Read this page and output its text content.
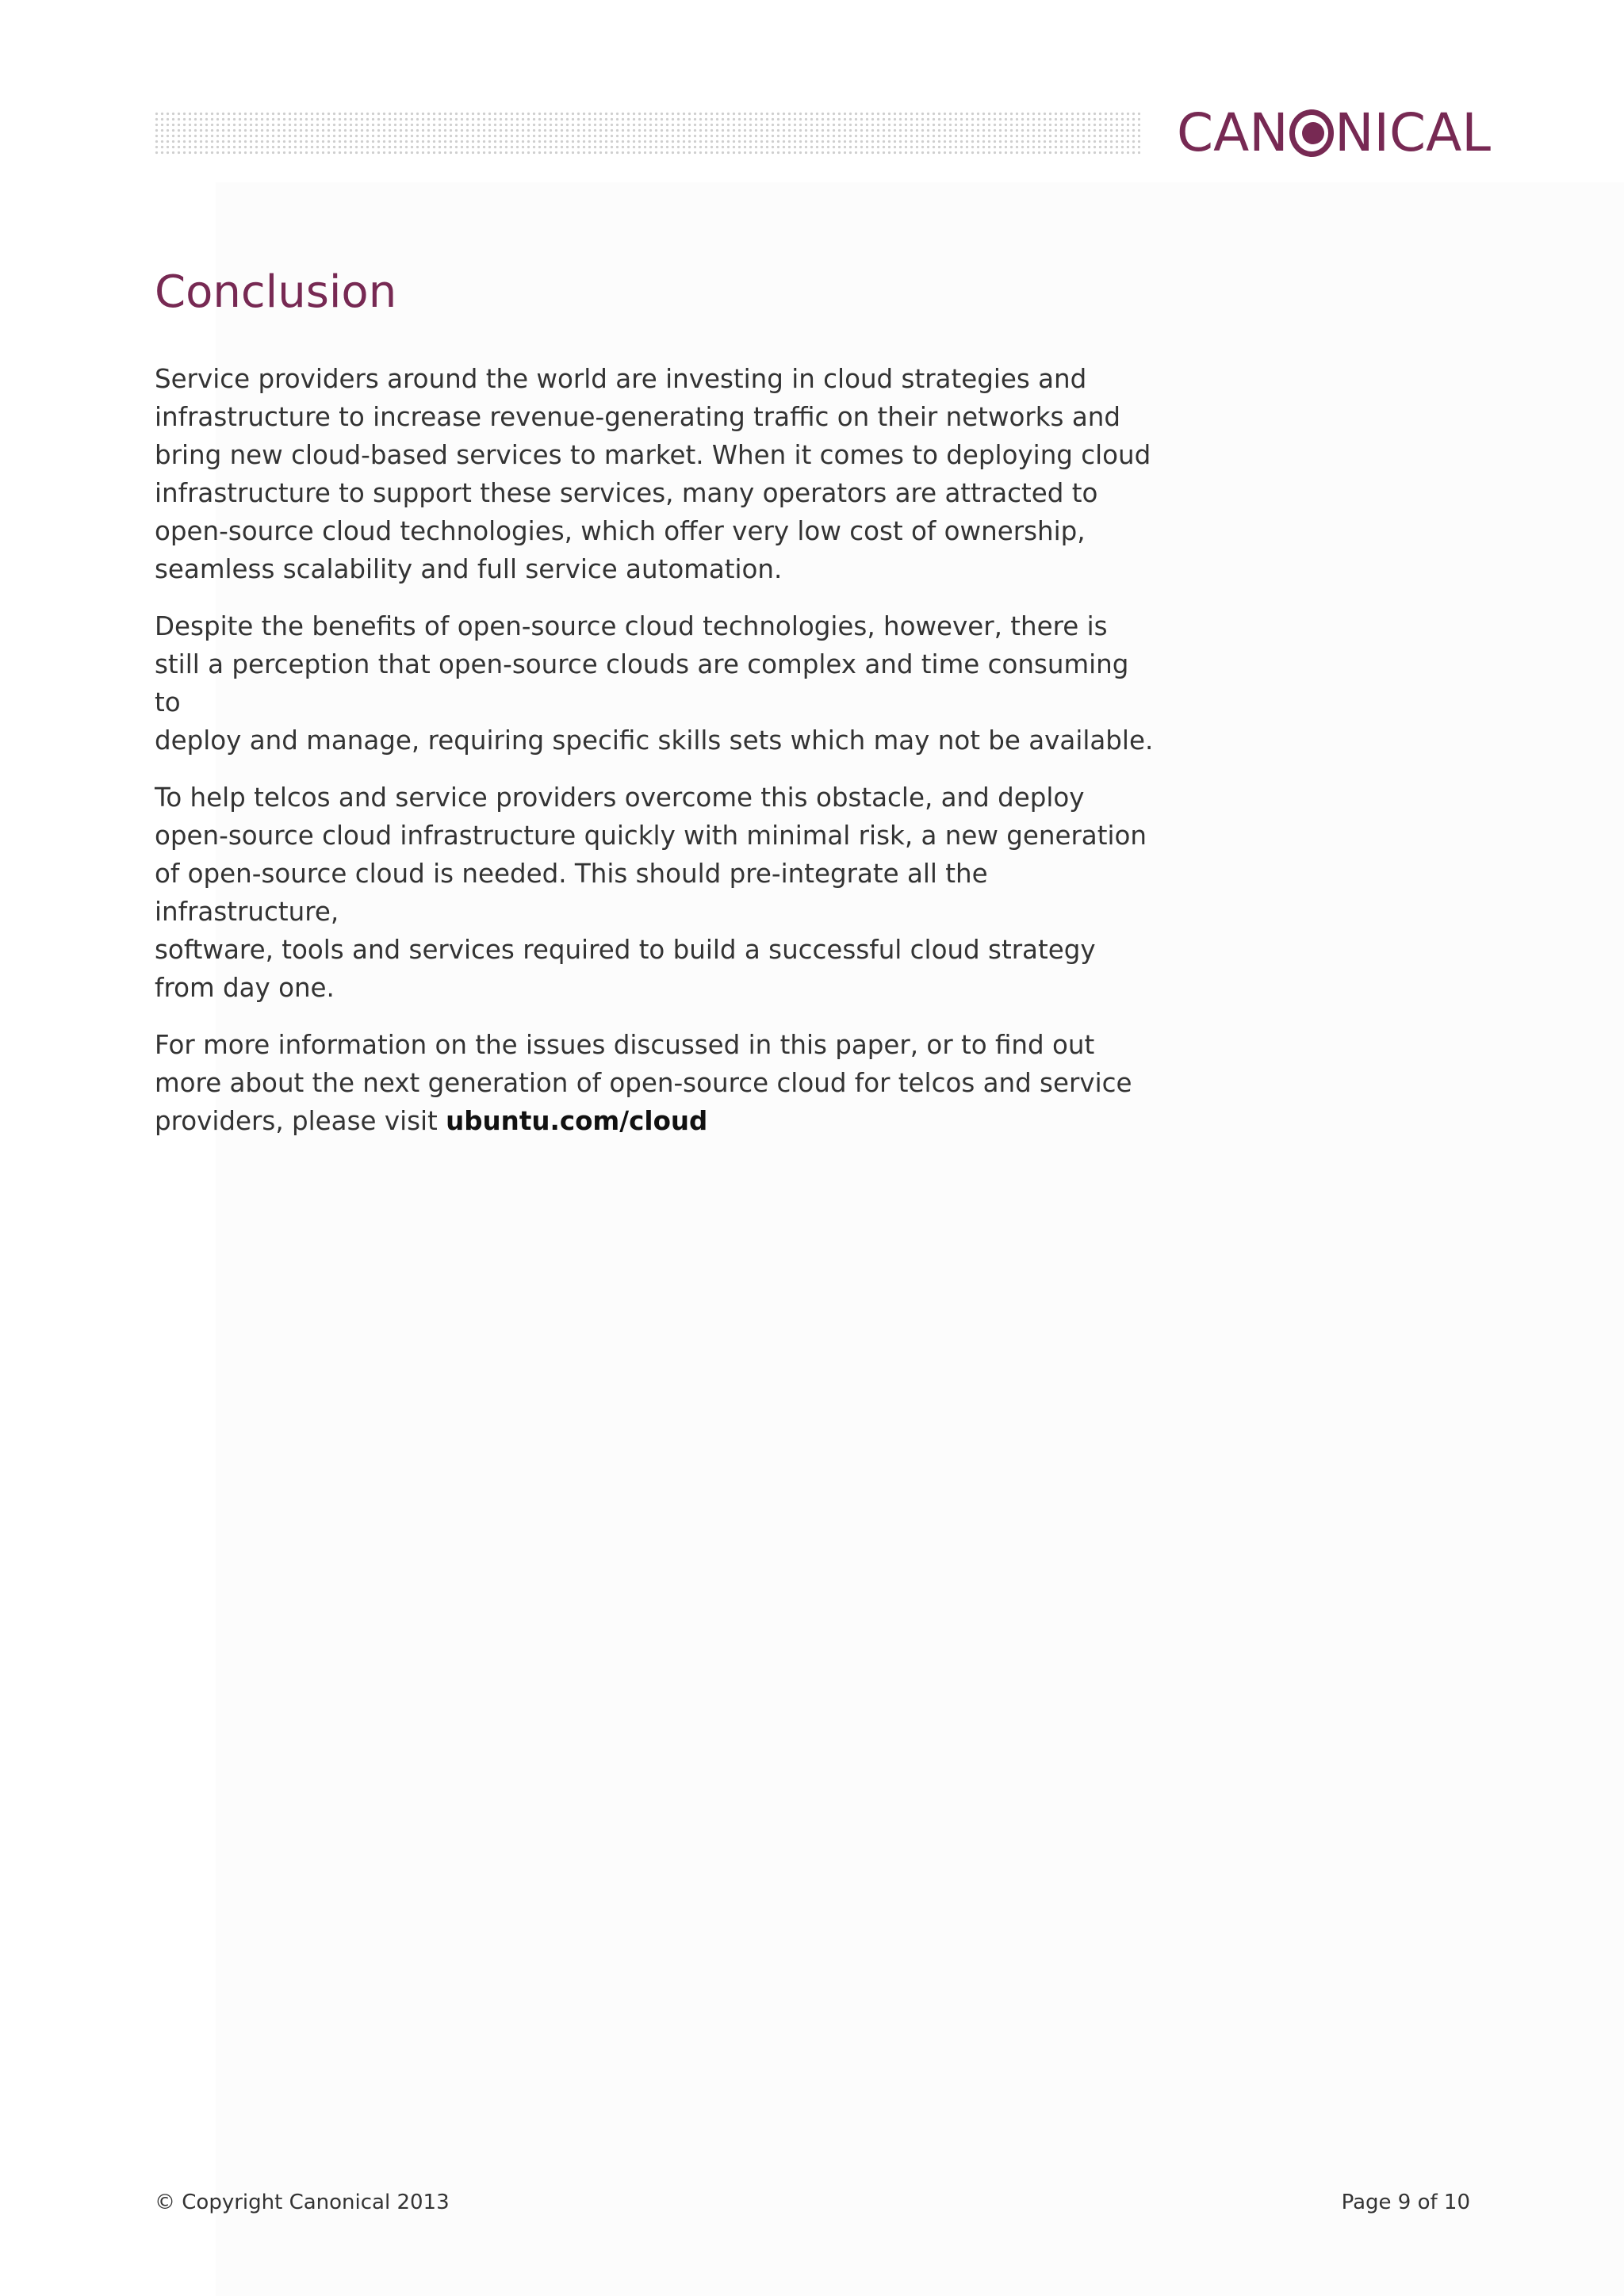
CAN NICAL
Conclusion

Service providers around the world are investing in cloud strategies and
infrastructure to increase revenue-generating traffic on their networks and
bring new cloud-based services to market. When it comes to deploying cloud
infrastructure to support these services, many operators are attracted to
open-source cloud technologies, which offer very low cost of ownership,
seamless scalability and full service automation.

Despite the benefits of open-source cloud technologies, however, there is
still a perception that open-source clouds are complex and time consuming to
deploy and manage, requiring specific skills sets which may not be available.

To help telcos and service providers overcome this obstacle, and deploy
open-source cloud infrastructure quickly with minimal risk, a new generation
of open-source cloud is needed. This should pre-integrate all the infrastructure,
software, tools and services required to build a successful cloud strategy
from day one.

For more information on the issues discussed in this paper, or to find out
more about the next generation of open-source cloud for telcos and service
providers, please visit ubuntu.com/cloud

© Copyright Canonical 2013	Page 9 of 10
